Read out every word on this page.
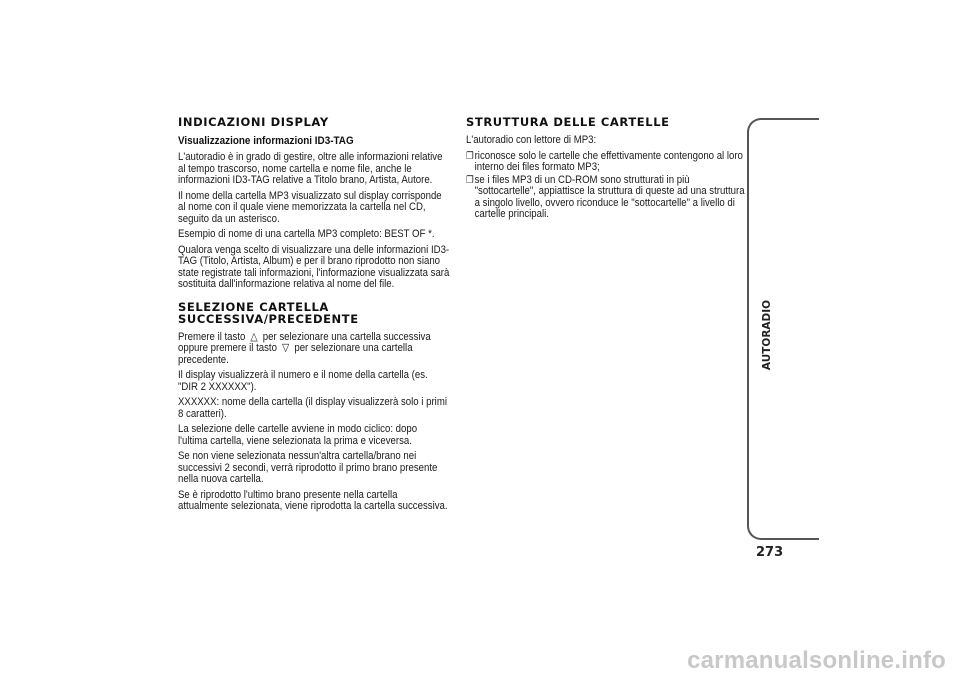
INDICAZIONI DISPLAY
Visualizzazione informazioni ID3-TAG

L'autoradio è in grado di gestire, oltre alle informazioni relative al tempo trascorso, nome cartella e nome file, anche le informazioni ID3-TAG relative a Titolo brano, Artista, Autore.

Il nome della cartella MP3 visualizzato sul display corrisponde al nome con il quale viene memorizzata la cartella nel CD, seguito da un asterisco.

Esempio di nome di una cartella MP3 completo: BEST OF *.

Qualora venga scelto di visualizzare una delle informazioni ID3-TAG (Titolo, Artista, Album) e per il brano riprodotto non siano state registrate tali informazioni, l'informazione visualizzata sarà sostituita dall'informazione relativa al nome del file.

SELEZIONE CARTELLA
SUCCESSIVA/PRECEDENTE

Premere il tasto △ per selezionare una cartella successiva oppure premere il tasto ▽ per selezionare una cartella precedente.

Il display visualizzerà il numero e il nome della cartella (es. "DIR 2 XXXXXX").

XXXXXX: nome della cartella (il display visualizzerà solo i primi 8 caratteri).

La selezione delle cartelle avviene in modo ciclico: dopo l'ultima cartella, viene selezionata la prima e viceversa.

Se non viene selezionata nessun'altra cartella/brano nei successivi 2 secondi, verrà riprodotto il primo brano presente nella nuova cartella.

Se è riprodotto l'ultimo brano presente nella cartella attualmente selezionata, viene riprodotta la cartella successiva.

STRUTTURA DELLE CARTELLE

L'autoradio con lettore di MP3:

❐ riconosce solo le cartelle che effettivamente contengono al loro interno dei files formato MP3;
❐ se i files MP3 di un CD-ROM sono strutturati in più "sottocartelle", appiattisce la struttura di queste ad una struttura a singolo livello, ovvero riconduce le "sottocartelle" a livello di cartelle principali.
AUTORADIO
273
carmanualsonline.info
